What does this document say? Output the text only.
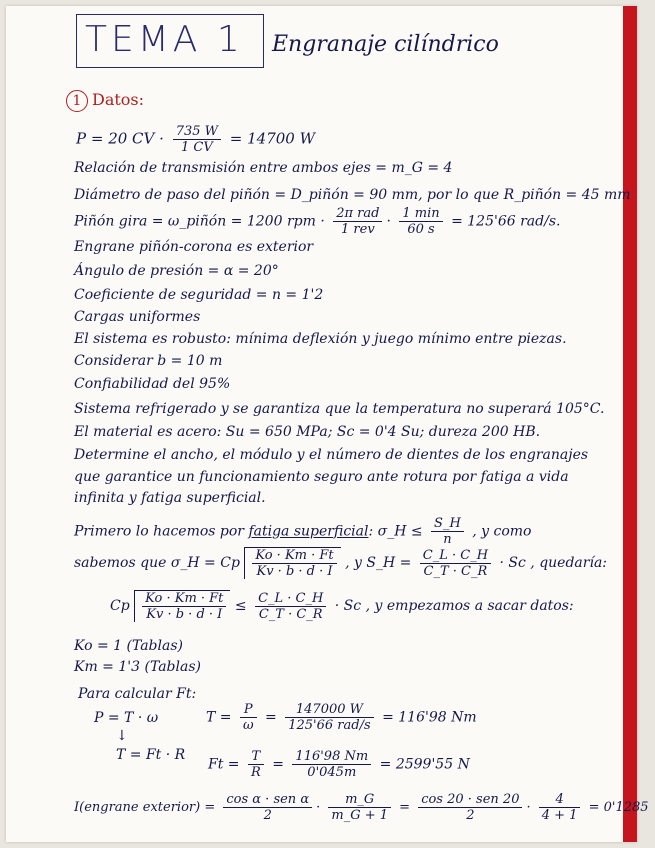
TEMA 1 Engranaje cilíndrico
1 Datos:
P = 20 CV · $\frac{735 W}{1 CV} = 14700$ W
Relación de transmisión entre ambos ejes = m_G = 4
Diámetro de paso del piñón = D_piñón = 90 mm, por lo que R_piñón = 45 mm
Piñón gira = ω_piñón = 1200 rpm · $\frac{\text{2π rad}}{\text{1 rev}} \cdot \frac{1 \min}{60 s} = 125'66$ rad/s.
Engrane piñón-corona es exterior
Ángulo de presión = α = 20°
Coeficiente de seguridad = n = 1'2
Cargas uniformes
El sistema es robusto: mínima deflexión y juego mínimo entre piezas.
Considerar b = 10 m
Confiabilidad del 95%
Sistema refrigerado y se garantiza que la temperatura no superará 105°C.
El material es acero: Su = 650 MPa; Sc = 0'4 Su; dureza 200 HB.
Determine el ancho, el módulo y el número de dientes de los engranajes
que garantice un funcionamiento seguro ante rotura por fatiga a vida
infinita y fatiga superficial.
Primero lo hacemos por fatiga superficial: σ_H ≤ $\frac{S\_H}{n}$ , y como
sabemos que σ_H = Cp $\frac{Ko \cdot Km \cdot Ft}{Kv \cdot b \cdot d \cdot I}$ , y S_H = $\frac{C\_L \cdot C\_H}{C\_T \cdot C\_R} \cdot Sc$ , quedaría:
Cp $\frac{Ko \cdot Km \cdot Ft}{Kv \cdot b \cdot d \cdot I} \le \frac{C\_L \cdot C\_H}{C\_T \cdot C\_R} \cdot Sc$ , y empezamos a sacar datos:
Ko = 1 (Tablas)
Km = 1'3 (Tablas)
Para calcular Ft:
P = T · ω	$T = \frac{P}{\omega} = \frac{147000 W}{\text{125'66 rad/s}} = 116'98$ Nm
↓
T = Ft · R
$Ft = \frac{T}{R} = \frac{116'98 Nm}{0'045m} = 2599'55$ N
I(engrane exterior) = $\frac{\text{cos α · sen α}}{2} \cdot \frac{m\_G}{m\_G + 1} = \frac{\text{cos 20 · sen 20}}{2} \cdot \frac{4}{4 + 1} = 0'1285$
